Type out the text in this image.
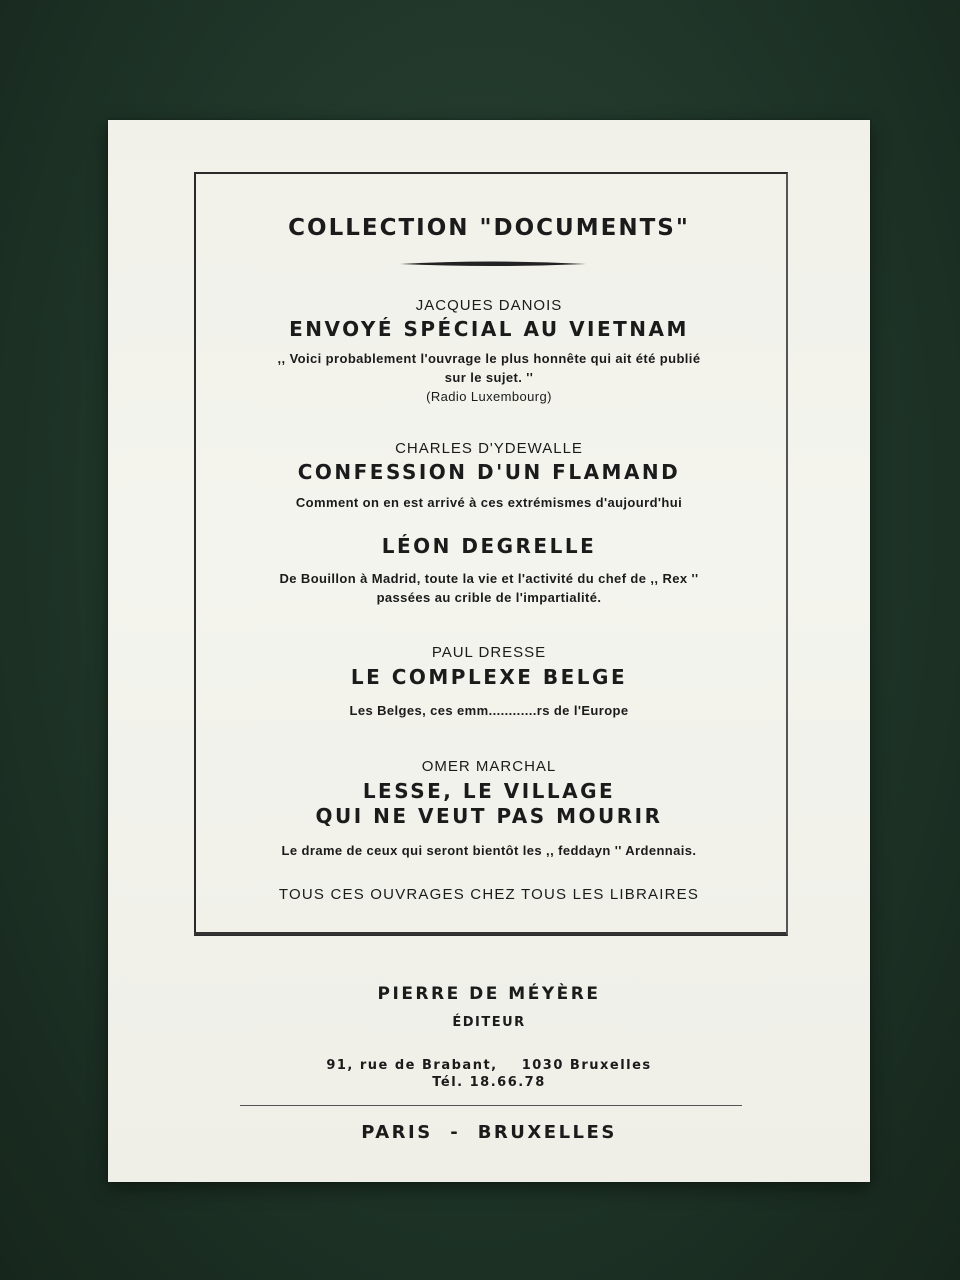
COLLECTION "DOCUMENTS"
JACQUES DANOIS
ENVOYÉ SPÉCIAL AU VIETNAM
,, Voici probablement l'ouvrage le plus honnête qui ait été publié
sur le sujet. ''
(Radio Luxembourg)
CHARLES D'YDEWALLE
CONFESSION D'UN FLAMAND
Comment on en est arrivé à ces extrémismes d'aujourd'hui
LÉON DEGRELLE
De Bouillon à Madrid, toute la vie et l'activité du chef de ,, Rex ''
passées au crible de l'impartialité.
PAUL DRESSE
LE COMPLEXE BELGE
Les Belges, ces emm............rs de l'Europe
OMER MARCHAL
LESSE, LE VILLAGE
QUI NE VEUT PAS MOURIR
Le drame de ceux qui seront bientôt les ,, feddayn '' Ardennais.
TOUS CES OUVRAGES CHEZ TOUS LES LIBRAIRES
PIERRE DE MÉYÈRE
ÉDITEUR
91, rue de Brabant,    1030 Bruxelles
Tél. 18.66.78
PARIS  -  BRUXELLES
